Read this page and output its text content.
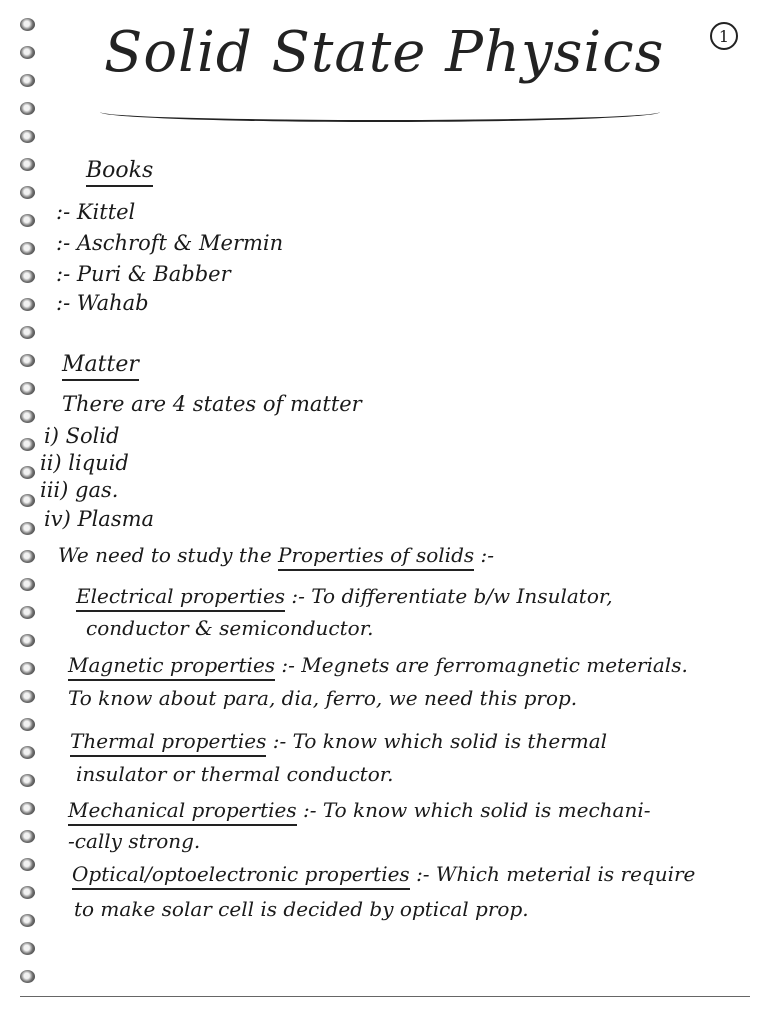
Solid State Physics	1
Books
:- Kittel
:- Aschroft & Mermin
:- Puri & Babber
:- Wahab
Matter
There are 4 states of matter
i) Solid
ii) liquid
iii) gas.
iv) Plasma
We need to study the Properties of solids :-
Electrical properties :- To differentiate b/w Insulator,
conductor & semiconductor.
Magnetic properties :- Megnets are ferromagnetic meterials.
To know about para, dia, ferro, we need this prop.
Thermal properties :- To know which solid is thermal
insulator or thermal conductor.
Mechanical properties :- To know which solid is mechani-
-cally strong.
Optical/optoelectronic properties :- Which meterial is require
to make solar cell is decided by optical prop.
